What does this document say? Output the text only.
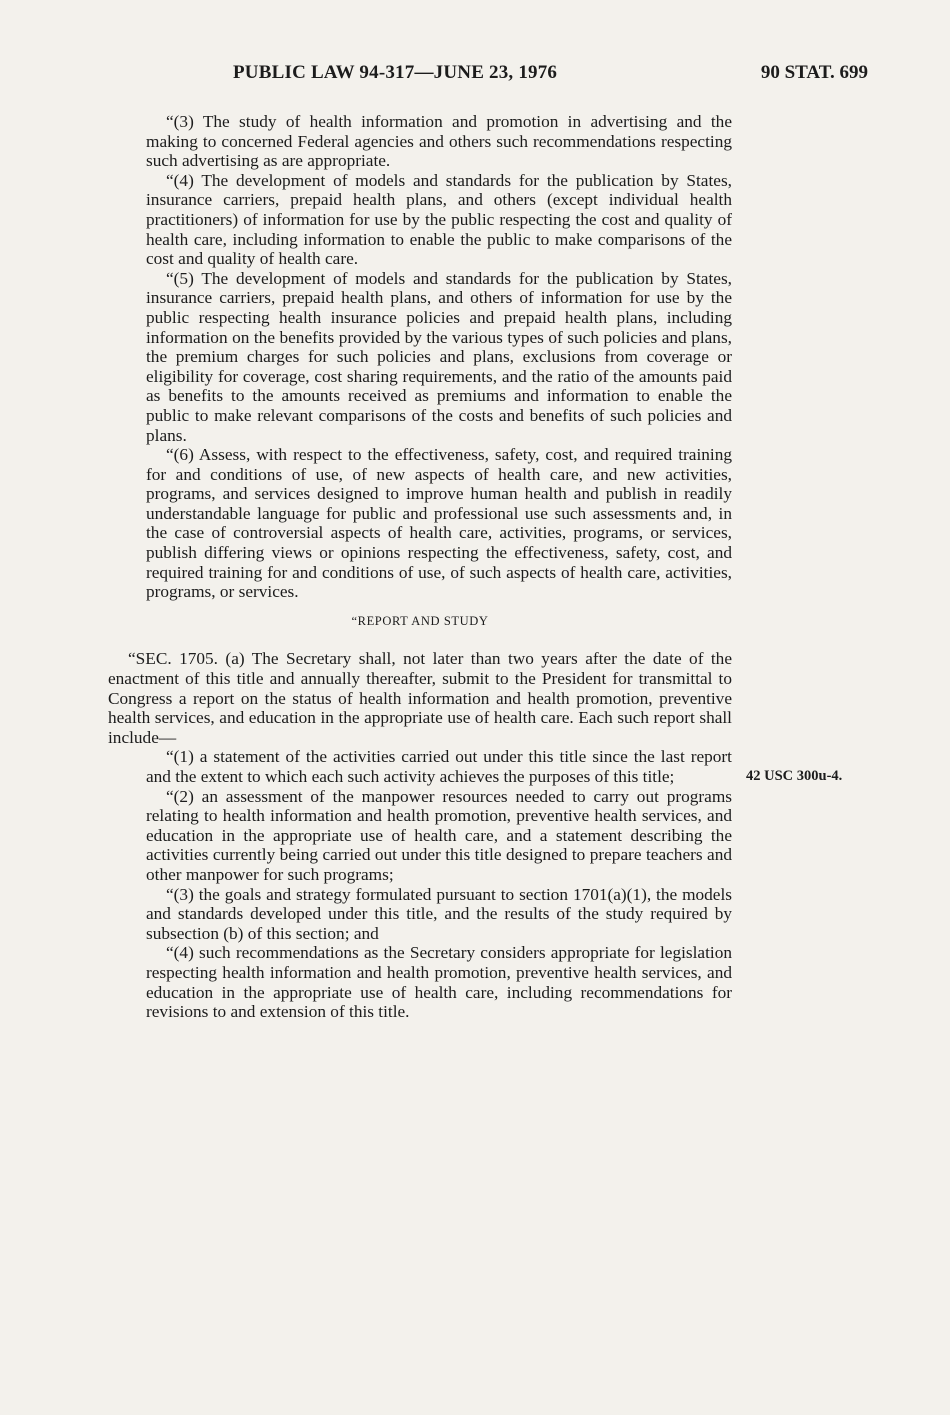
PUBLIC LAW 94-317—JUNE 23, 1976	90 STAT. 699

“(3) The study of health information and promotion in advertising and the making to concerned Federal agencies and others such recommendations respecting such advertising as are appropriate.

“(4) The development of models and standards for the publication by States, insurance carriers, prepaid health plans, and others (except individual health practitioners) of information for use by the public respecting the cost and quality of health care, including information to enable the public to make comparisons of the cost and quality of health care.

“(5) The development of models and standards for the publication by States, insurance carriers, prepaid health plans, and others of information for use by the public respecting health insurance policies and prepaid health plans, including information on the benefits provided by the various types of such policies and plans, the premium charges for such policies and plans, exclusions from coverage or eligibility for coverage, cost sharing requirements, and the ratio of the amounts paid as benefits to the amounts received as premiums and information to enable the public to make relevant comparisons of the costs and benefits of such policies and plans.

“(6) Assess, with respect to the effectiveness, safety, cost, and required training for and conditions of use, of new aspects of health care, and new activities, programs, and services designed to improve human health and publish in readily understandable language for public and professional use such assessments and, in the case of controversial aspects of health care, activities, programs, or services, publish differing views or opinions respecting the effectiveness, safety, cost, and required training for and conditions of use, of such aspects of health care, activities, programs, or services.

“REPORT AND STUDY

“SEC. 1705. (a) The Secretary shall, not later than two years after the date of the enactment of this title and annually thereafter, submit to the President for transmittal to Congress a report on the status of health information and health promotion, preventive health services, and education in the appropriate use of health care. Each such report shall include—

“(1) a statement of the activities carried out under this title since the last report and the extent to which each such activity achieves the purposes of this title;

“(2) an assessment of the manpower resources needed to carry out programs relating to health information and health promotion, preventive health services, and education in the appropriate use of health care, and a statement describing the activities currently being carried out under this title designed to prepare teachers and other manpower for such programs;

“(3) the goals and strategy formulated pursuant to section 1701(a)(1), the models and standards developed under this title, and the results of the study required by subsection (b) of this section; and

“(4) such recommendations as the Secretary considers appropriate for legislation respecting health information and health promotion, preventive health services, and education in the appropriate use of health care, including recommendations for revisions to and extension of this title.

42 USC 300u-4.
